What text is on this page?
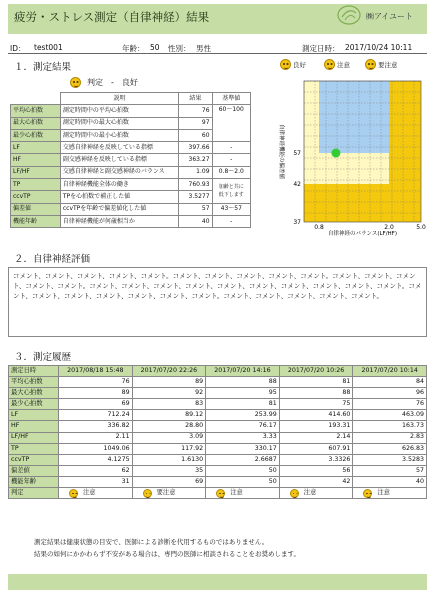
疲労・ストレス測定（自律神経）結果	㈱アイユート
ID： test001	年齢： 50 性別： 男性	測定日時： 2017/10/24 10:11
１．測定結果	良好	注意	要注意
判定　-　良好
	説明	結果	基準値
平均心拍数	測定時間中の平均心拍数	76	60～100
最大心拍数	測定時間中の最大心拍数	97	
最少心拍数	測定時間中の最小心拍数	60	
LF	交感自律神経を反映している指標	397.66	-
HF	副交感神経を反映している指標	363.27	-
LF/HF	交感自律神経と副交感神経のバランス	1.09	0.8～2.0
TP	自律神経機能全体の働き	760.93	加齢と共に
低下します
ccvTP	TPを心拍数で補正した値	3.5277	
偏差値	ccvTPを年齢で偏差値化した値	57	43～57
機能年齢	自律神経機能が何歳相当か	40	-
0.8	2.0	5.0
57
42
37
自律神経のバランス(LF/HF)
自律神経機能の偏差値
２．自律神経評価
コメント、コメント、コメント、コメント、コメント。コメント、コメント、コメント、コメント、コメント。コメント、コメント、コメント、コメント、コメント。コメント、コメント、コメント、コメント、コメント、コメント、コメント、コメント、コメント、コメント。コメント、コメント、コメント、コメント、コメント、コメント、コメント。コメント、コメント、コメント、コメント、コメント。
３．測定履歴
測定日時	2017/08/18 15:48	2017/07/20 22:26	2017/07/20 14:16	2017/07/20 10:26	2017/07/20 10:14
平均心拍数	76	89	88	81	84
最大心拍数	89	92	95	88	96
最少心拍数	69	83	81	75	76
LF	712.24	89.12	253.99	414.60	463.09
HF	336.82	28.80	76.17	193.31	163.73
LF/HF	2.11	3.09	3.33	2.14	2.83
TP	1049.06	117.92	330.17	607.91	626.83
ccvTP	4.1275	1.6130	2.6687	3.3326	3.5283
偏差値	62	35	50	56	57
機能年齢	31	69	50	42	40
判定	注意	要注意	注意	注意	注意
測定結果は健康状態の目安で、医師による診断を代用するものではありません。
結果の如何にかかわらず不安がある場合は、専門の医師に相談されることをお奨めします。
